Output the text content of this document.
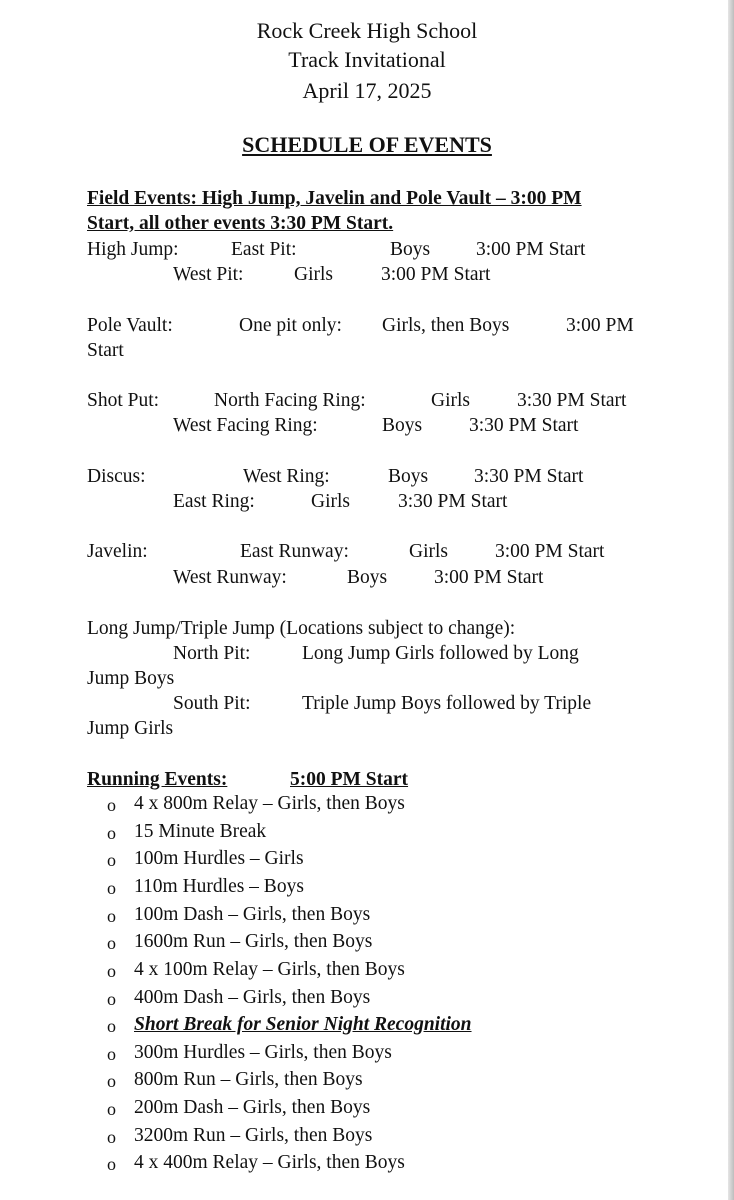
Rock Creek High School
Track Invitational
April 17, 2025
SCHEDULE OF EVENTS
Field Events: High Jump, Javelin and Pole Vault – 3:00 PM
Start, all other events 3:30 PM Start.
High Jump:	East Pit:	Boys 3:00 PM Start
West Pit:	Girls 3:00 PM Start
Pole Vault:	One pit only: Girls, then Boys	3:00 PM
Start
Shot Put:	North Facing Ring:	Girls 3:30 PM Start
West Facing Ring:	Boys 3:30 PM Start
Discus:	West Ring:	Boys 3:30 PM Start
East Ring:	Girls 3:30 PM Start
Javelin:	East Runway:	Girls 3:00 PM Start
West Runway:	Boys 3:00 PM Start
Long Jump/Triple Jump (Locations subject to change):
North Pit:	Long Jump Girls followed by Long
Jump Boys
South Pit:	Triple Jump Boys followed by Triple
Jump Girls
Running Events:	5:00 PM Start
o 4 x 800m Relay – Girls, then Boys
o 15 Minute Break
o 100m Hurdles – Girls
o 110m Hurdles – Boys
o 100m Dash – Girls, then Boys
o 1600m Run – Girls, then Boys
o 4 x 100m Relay – Girls, then Boys
o 400m Dash – Girls, then Boys
o Short Break for Senior Night Recognition
o 300m Hurdles – Girls, then Boys
o 800m Run – Girls, then Boys
o 200m Dash – Girls, then Boys
o 3200m Run – Girls, then Boys
o 4 x 400m Relay – Girls, then Boys
